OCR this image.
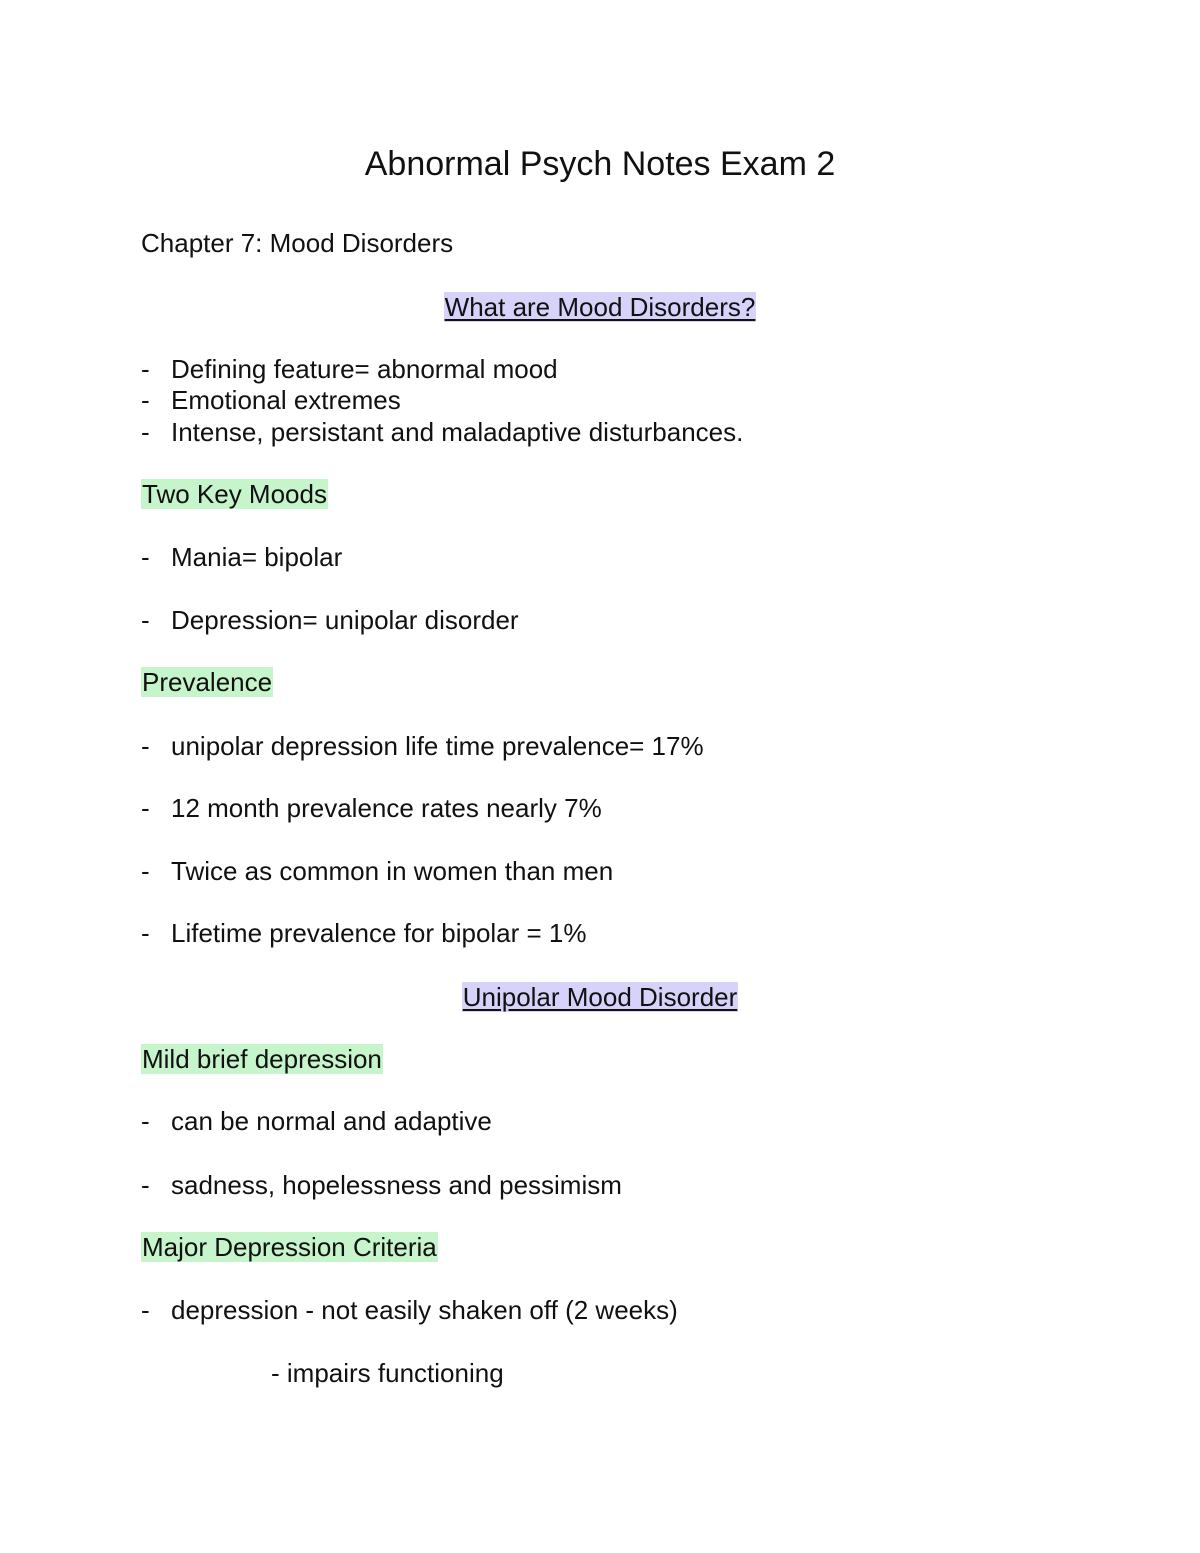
Abnormal Psych Notes Exam 2
Chapter 7: Mood Disorders
What are Mood Disorders?
- Defining feature= abnormal mood
- Emotional extremes
- Intense, persistant and maladaptive disturbances.
Two Key Moods
- Mania= bipolar
- Depression= unipolar disorder
Prevalence
- unipolar depression life time prevalence= 17%
- 12 month prevalence rates nearly 7%
- Twice as common in women than men
- Lifetime prevalence for bipolar = 1%
Unipolar Mood Disorder
Mild brief depression
- can be normal and adaptive
- sadness, hopelessness and pessimism
Major Depression Criteria
- depression - not easily shaken off (2 weeks)
- impairs functioning
